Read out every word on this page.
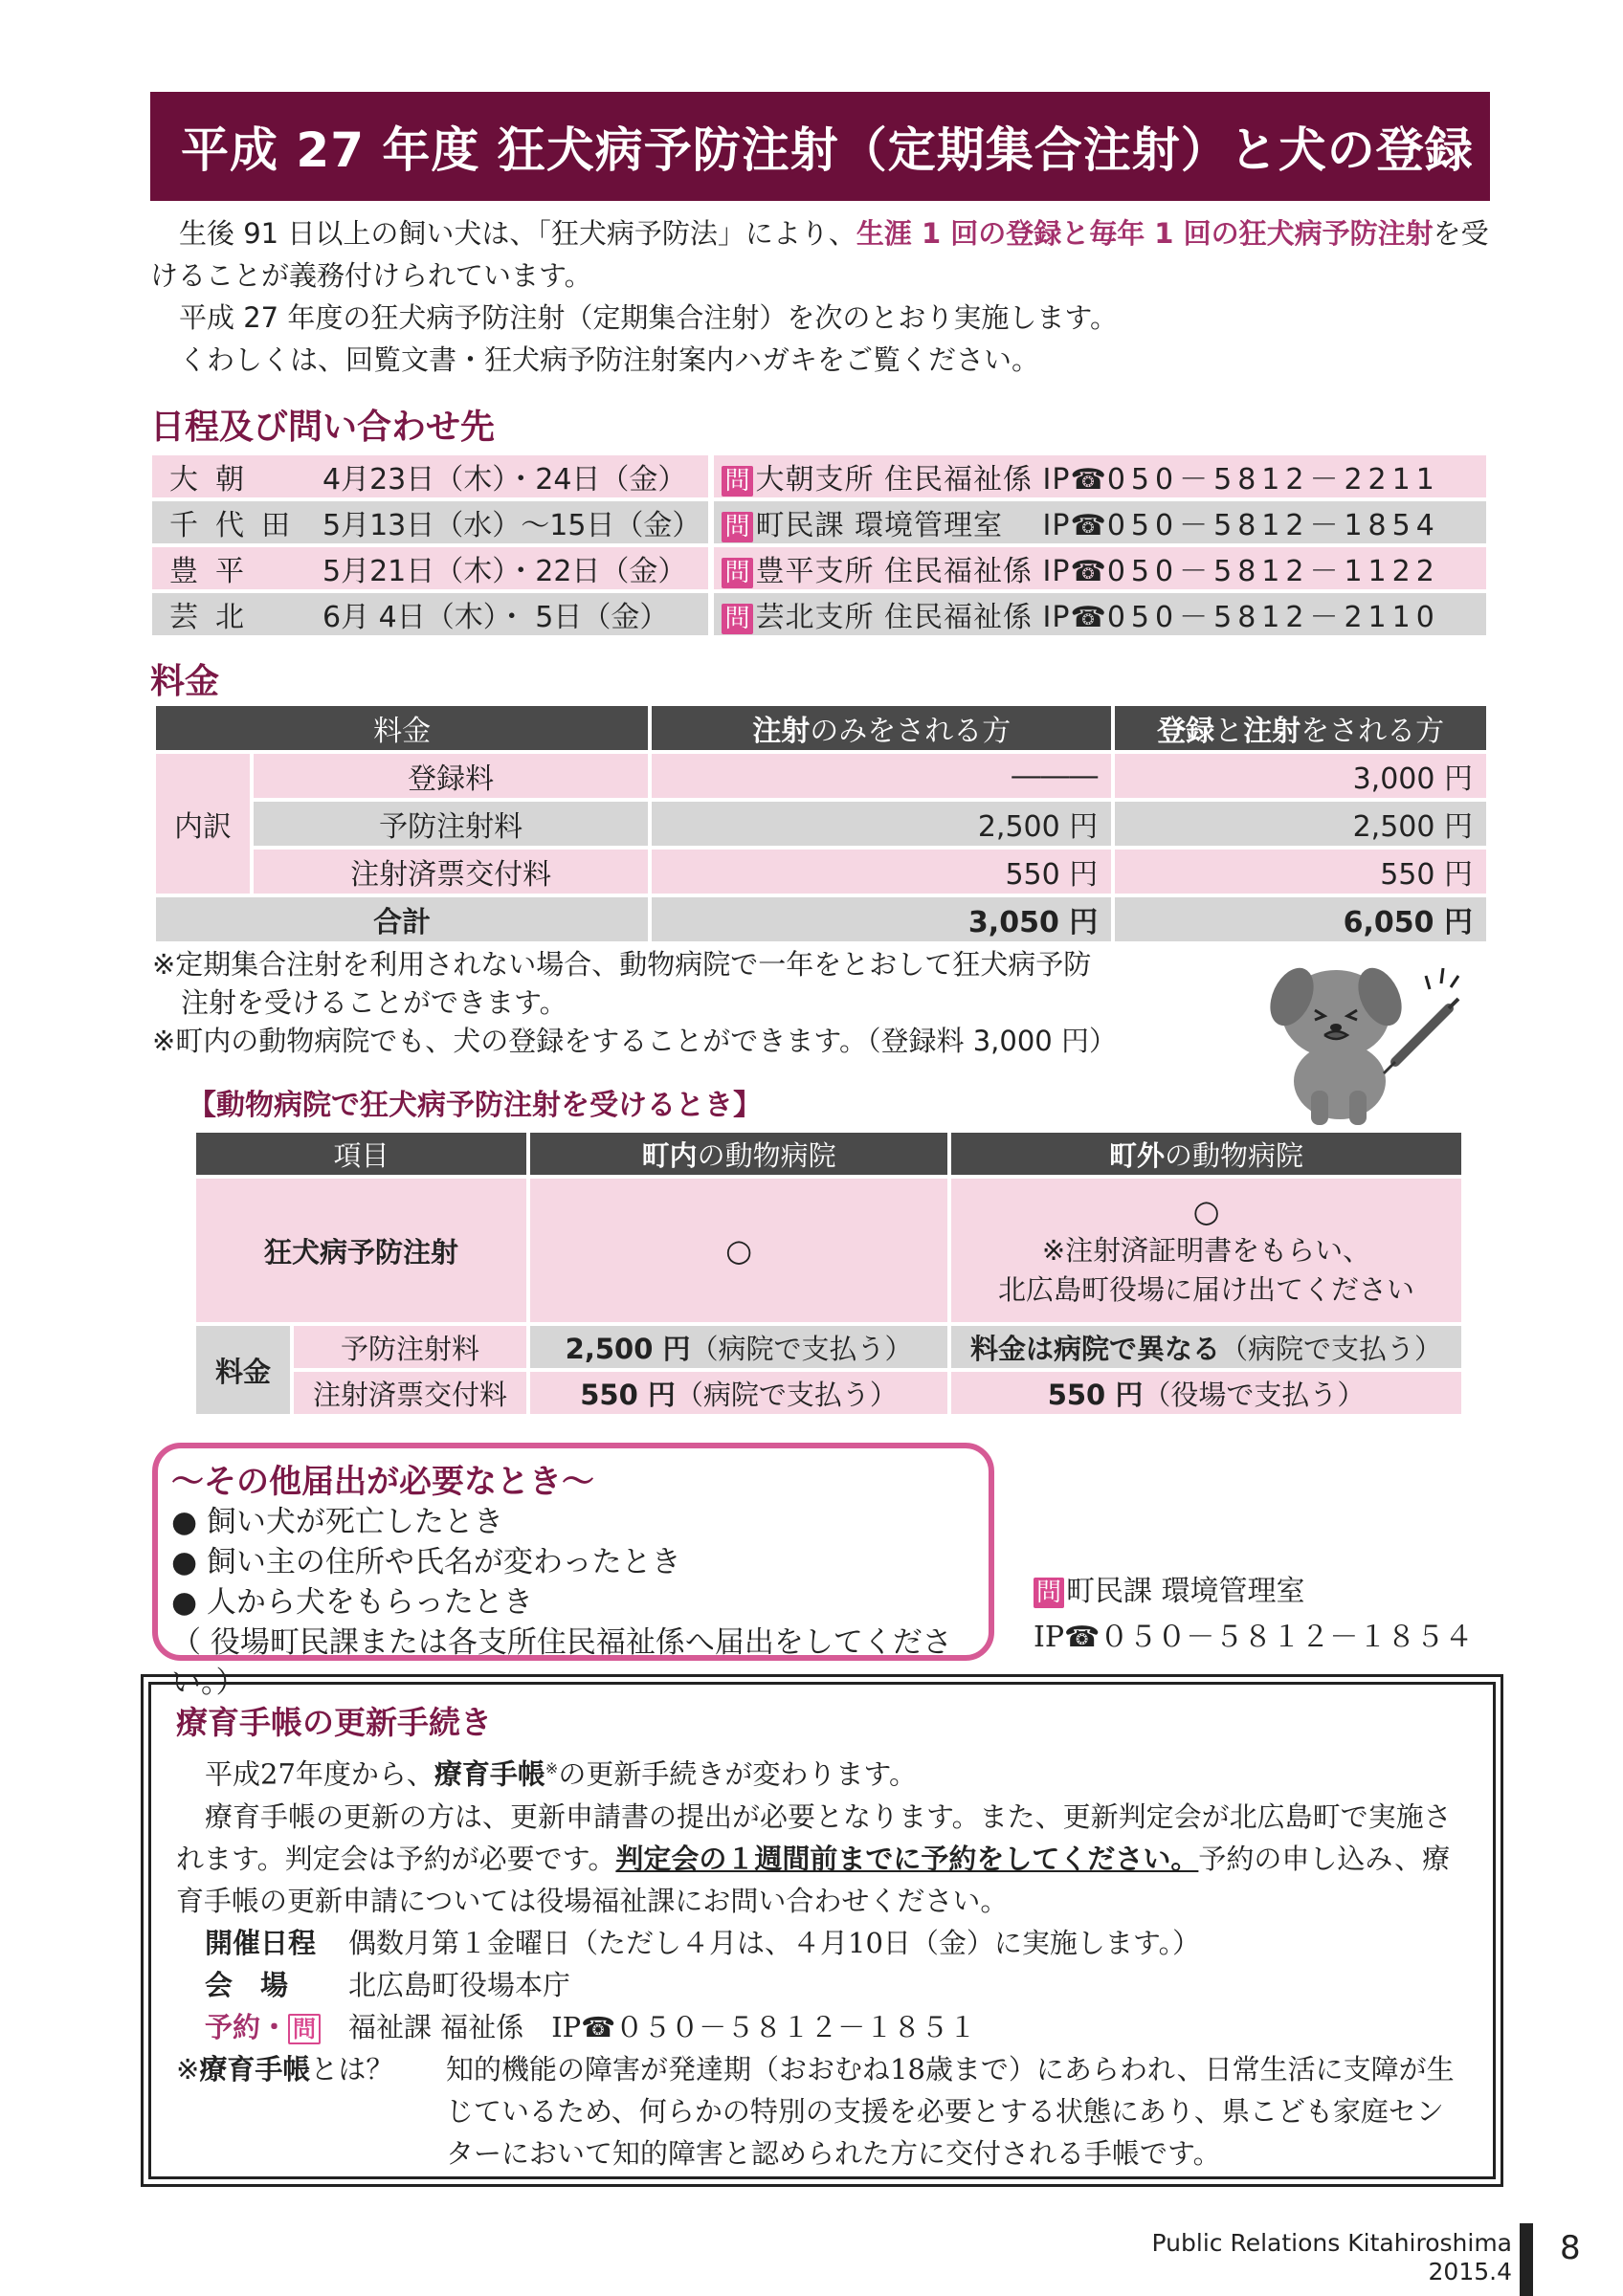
平成 27 年度 狂犬病予防注射（定期集合注射）と犬の登録

生後 91 日以上の飼い犬は、「狂犬病予防法」により、生涯 1 回の登録と毎年 1 回の狂犬病予防注射を受けることが義務付けられています。

平成 27 年度の狂犬病予防注射（定期集合注射）を次のとおり実施します。

くわしくは、回覧文書・狂犬病予防注射案内ハガキをご覧ください。

日程及び問い合わせ先
大朝	4月23日（木）・24日（金）	問 大朝支所 住民福祉係 IP☎050－5812－2211
千代田	5月13日（水）～15日（金）	問 町民課 環境管理室　 IP☎050－5812－1854
豊平	5月21日（木）・22日（金）	問 豊平支所 住民福祉係 IP☎050－5812－1122
芸北	6月 4日（木）・ 5日（金）	問 芸北支所 住民福祉係 IP☎050－5812－2110
料金
料金		注射のみをされる方	登録と注射をされる方
内訳	登録料	―――	3,000 円
	予防注射料	2,500 円	2,500 円
	注射済票交付料	550 円	550 円
合計		3,050 円	6,050 円
※定期集合注射を利用されない場合、動物病院で一年をとおして狂犬病予防
注射を受けることができます。
※町内の動物病院でも、犬の登録をすることができます。（登録料 3,000 円）
【動物病院で狂犬病予防注射を受けるとき】
項目		町内の動物病院	町外の動物病院
狂犬病予防注射		○	○
※注射済証明書をもらい、
北広島町役場に届け出てください

料金	予防注射料	2,500 円（病院で支払う）	料金は病院で異なる（病院で支払う）
	注射済票交付料	550 円（病院で支払う）	550 円（役場で支払う）
～その他届出が必要なとき～
● 飼い犬が死亡したとき
● 飼い主の住所や氏名が変わったとき
● 人から犬をもらったとき
（ 役場町民課または各支所住民福祉係へ届出をしてください。）
問 町民課 環境管理室
IP☎０５０－５８１２－１８５４
療育手帳の更新手続き

平成27年度から、療育手帳※の更新手続きが変わります。

療育手帳の更新の方は、更新申請書の提出が必要となります。また、更新判定会が北広島町で実施されます。判定会は予約が必要です。判定会の１週間前までに予約をしてください。予約の申し込み、療育手帳の更新申請については役場福祉課にお問い合わせください。

開催日程	偶数月第１金曜日（ただし４月は、４月10日（金）に実施します。）
会　場	北広島町役場本庁
予約・ 問	福祉課 福祉係　IP☎０５０－５８１２－１８５１
※療育手帳とは？	知的機能の障害が発達期（おおむね18歳まで）にあらわれ、日常生活に支障が生じているため、何らかの特別の支援を必要とする状態にあり、県こども家庭センターにおいて知的障害と認められた方に交付される手帳です。
Public Relations Kitahiroshima
2015.4
8
